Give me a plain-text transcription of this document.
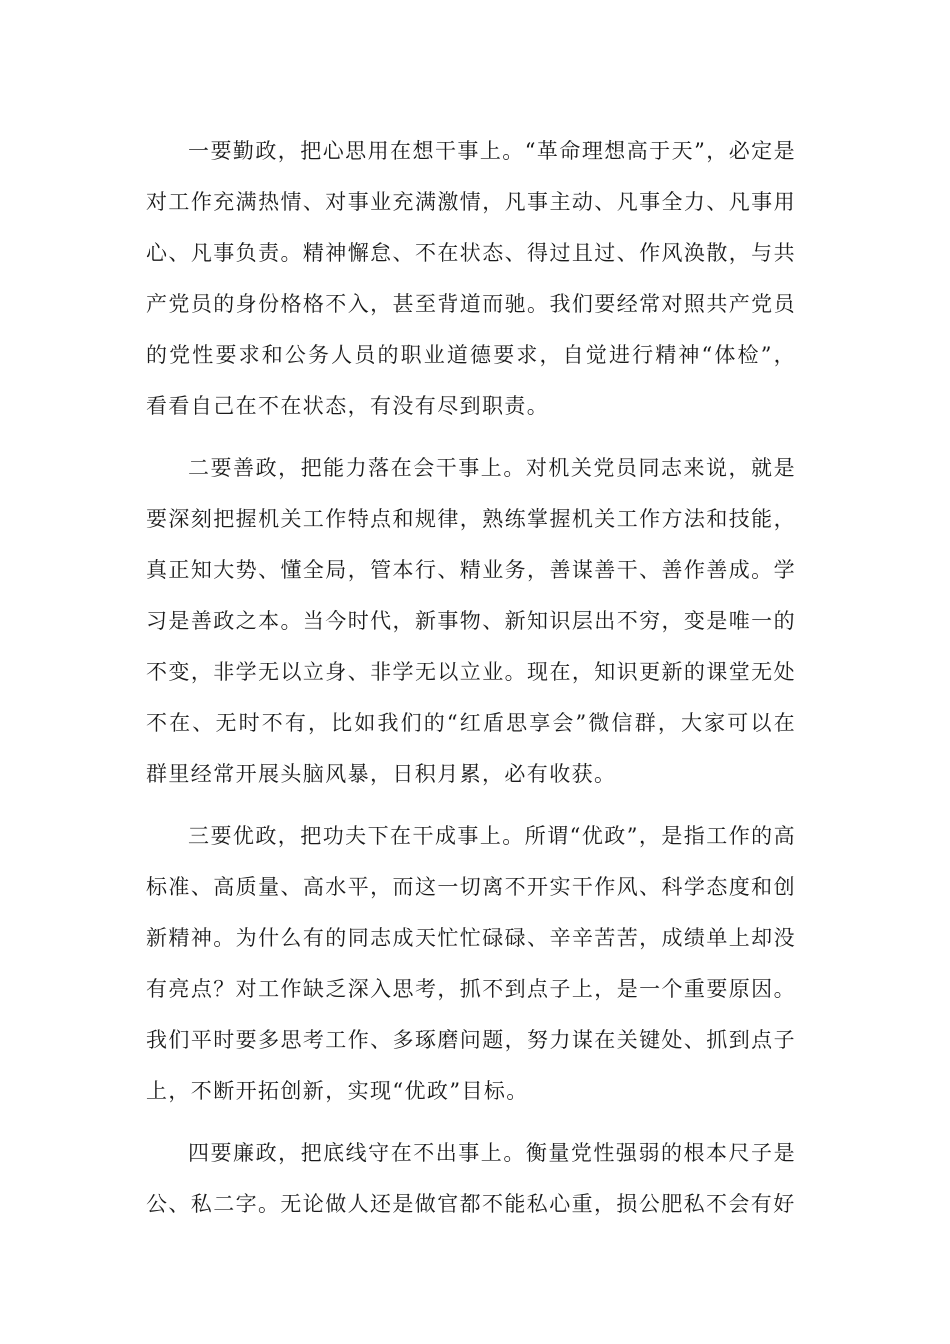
一要勤政，把心思用在想干事上。“革命理想高于天”，必定是对工作充满热情、对事业充满激情，凡事主动、凡事全力、凡事用心、凡事负责。精神懈怠、不在状态、得过且过、作风涣散，与共产党员的身份格格不入，甚至背道而驰。我们要经常对照共产党员的党性要求和公务人员的职业道德要求，自觉进行精神“体检”，看看自己在不在状态，有没有尽到职责。

二要善政，把能力落在会干事上。对机关党员同志来说，就是要深刻把握机关工作特点和规律，熟练掌握机关工作方法和技能，真正知大势、懂全局，管本行、精业务，善谋善干、善作善成。学习是善政之本。当今时代，新事物、新知识层出不穷，变是唯一的不变，非学无以立身、非学无以立业。现在，知识更新的课堂无处不在、无时不有，比如我们的“红盾思享会”微信群，大家可以在群里经常开展头脑风暴，日积月累，必有收获。

三要优政，把功夫下在干成事上。所谓“优政”，是指工作的高标准、高质量、高水平，而这一切离不开实干作风、科学态度和创新精神。为什么有的同志成天忙忙碌碌、辛辛苦苦，成绩单上却没有亮点？对工作缺乏深入思考，抓不到点子上，是一个重要原因。我们平时要多思考工作、多琢磨问题，努力谋在关键处、抓到点子上，不断开拓创新，实现“优政”目标。

四要廉政，把底线守在不出事上。衡量党性强弱的根本尺子是公、私二字。无论做人还是做官都不能私心重，损公肥私不会有好
